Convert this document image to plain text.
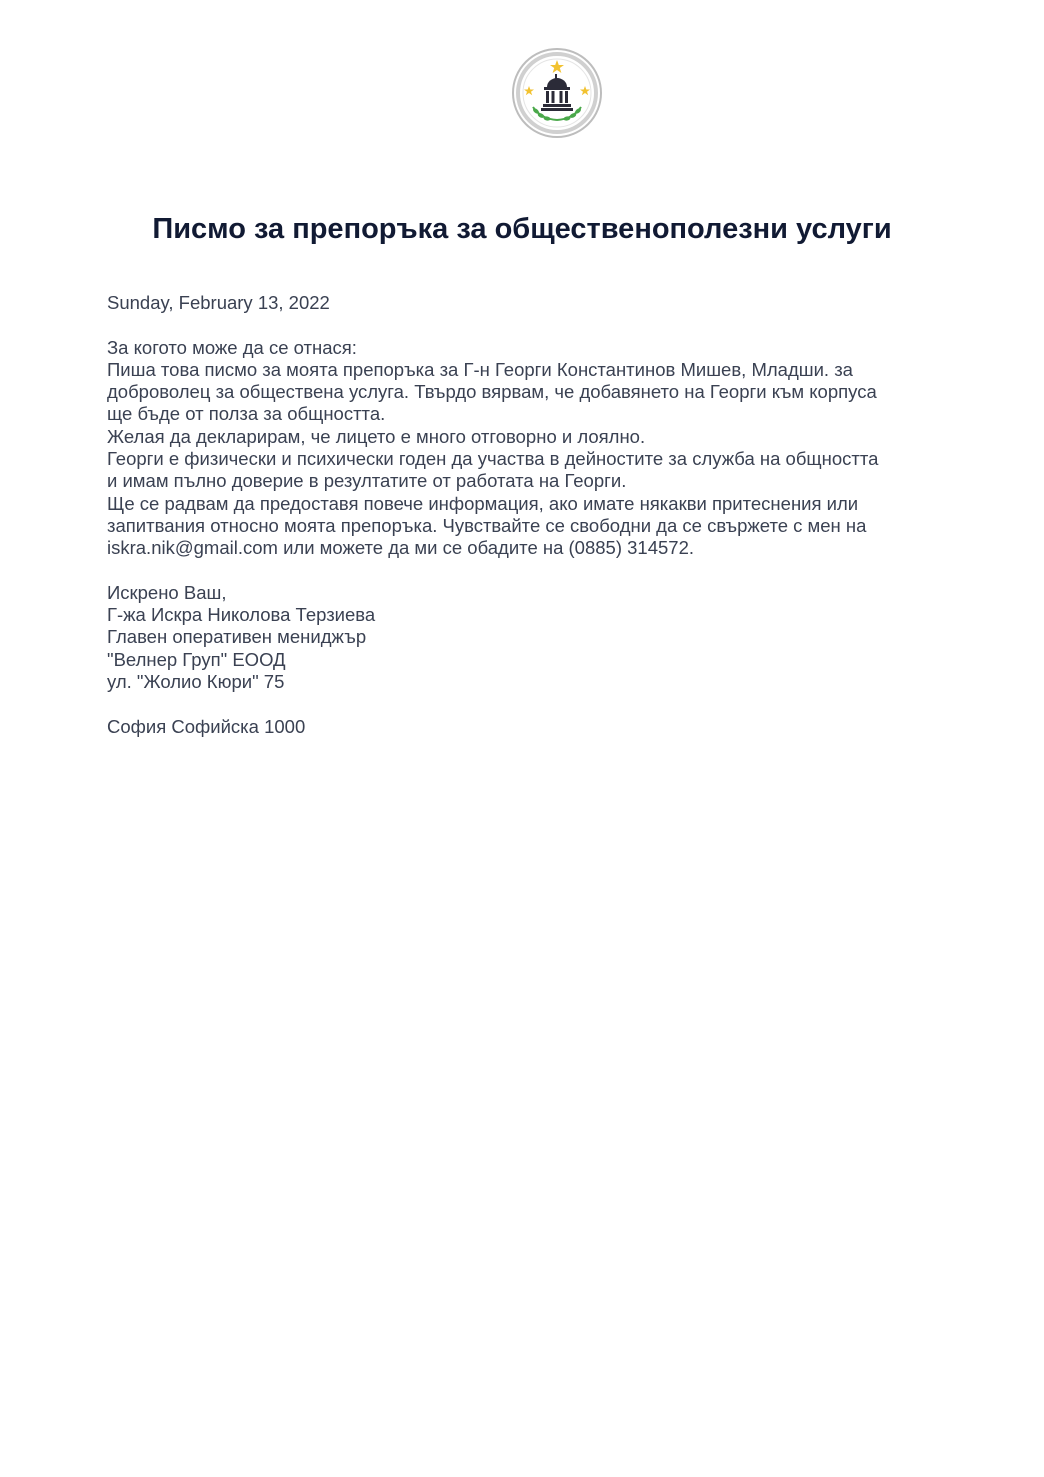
Писмо за препоръка за общественополезни услуги
Sunday, February 13, 2022
За когото може да се отнася:
Пиша това писмо за моята препоръка за Г-н Георги Константинов Мишев, Младши. за
доброволец за обществена услуга. Твърдо вярвам, че добавянето на Георги към корпуса
ще бъде от полза за общността.
Желая да декларирам, че лицето е много отговорно и лоялно.
Георги е физически и психически годен да участва в дейностите за служба на общността
и имам пълно доверие в резултатите от работата на Георги.
Ще се радвам да предоставя повече информация, ако имате някакви притеснения или
запитвания относно моята препоръка. Чувствайте се свободни да се свържете с мен на
iskra.nik@gmail.com или можете да ми се обадите на (0885) 314572.
Искрено Ваш,
Г-жа Искра Николова Терзиева
Главен оперативен мениджър
"Велнер Груп" ЕООД
ул. "Жолио Кюри" 75
София Софийска 1000
